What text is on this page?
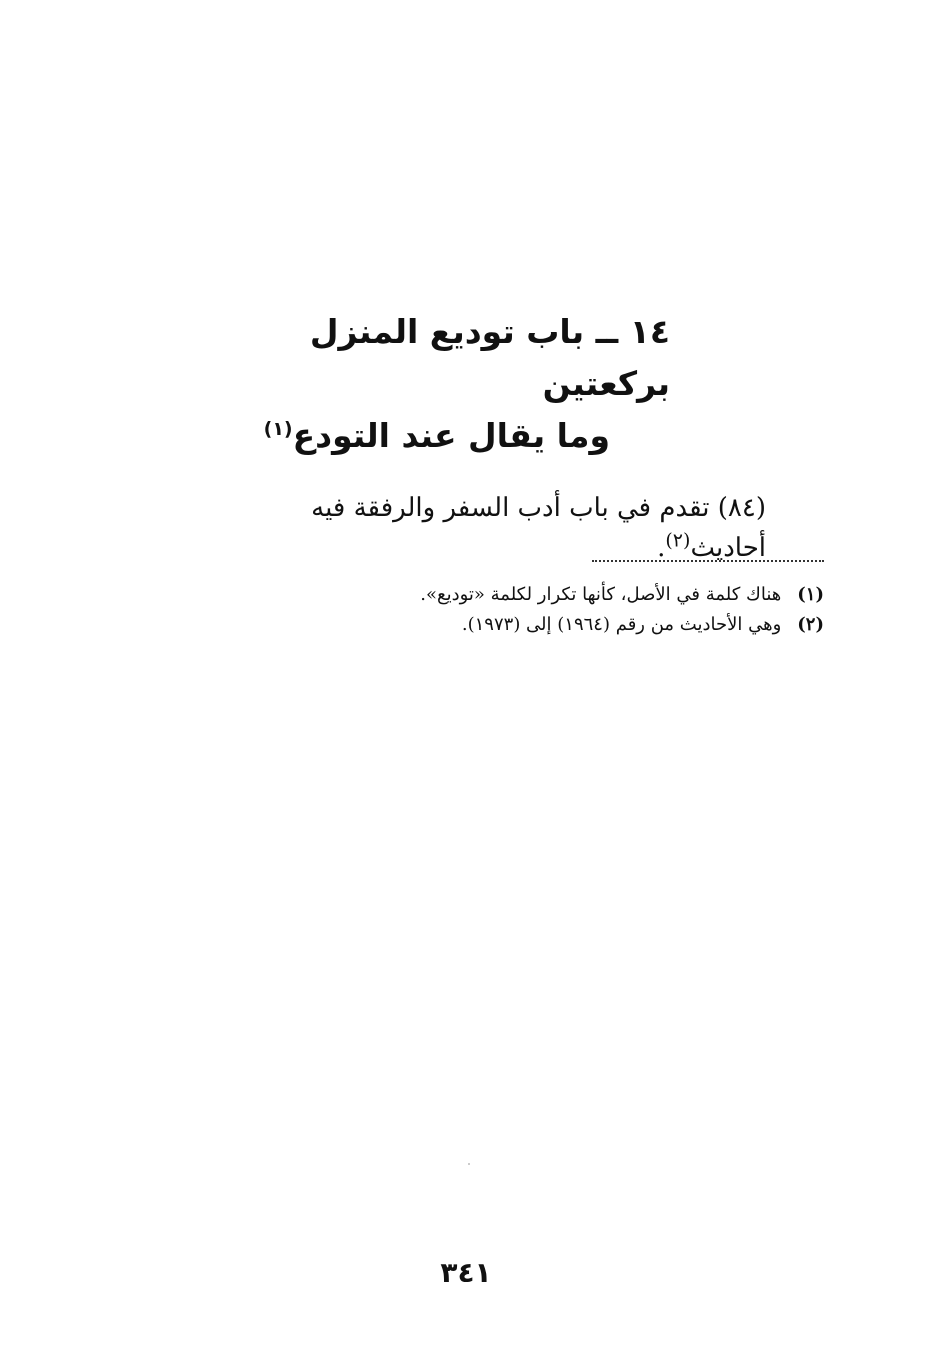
١٤ ــ باب توديع المنزل بركعتين
وما يقال عند التودع$^{(١)}$

(٨٤) تقدم في باب أدب السفر والرفقة فيه أحاديث$^{(٢)}$.

(١)هناك كلمة في الأصل، كأنها تكرار لكلمة «توديع».
(٢)وهي الأحاديث من رقم (١٩٦٤) إلى (١٩٧٣).
٣٤١
